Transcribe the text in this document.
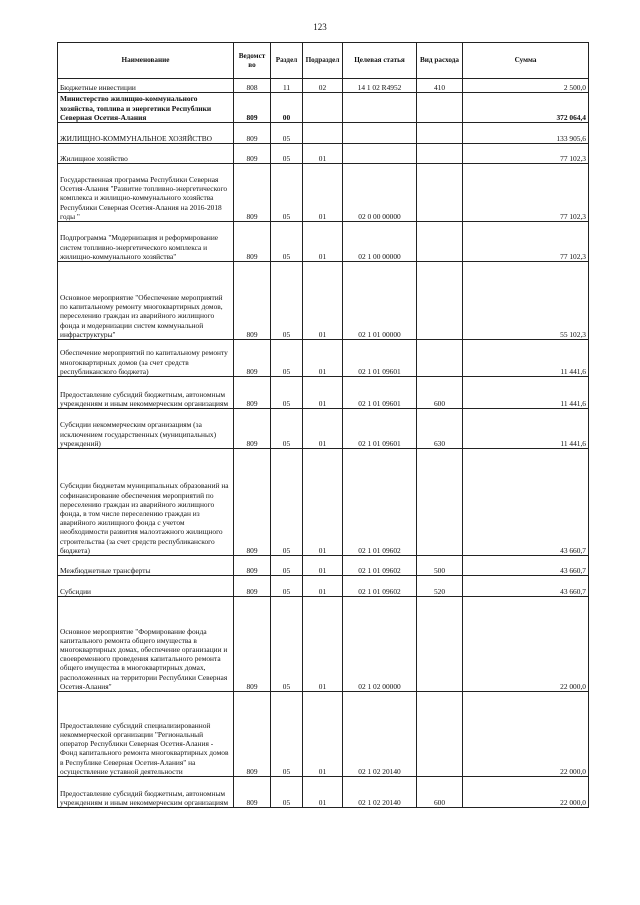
123
Наименование	Ведомст во	Раздел	Подраздел	Целевая статья	Вид расхода	Сумма
Бюджетные инвестиции	808	11	02	14 1 02 R4952	410	2 500,0
Министерство жилищно-коммунального хозяйства, топлива и энергетики Республики Северная Осетия-Алания	809	00				372 064,4
ЖИЛИЩНО-КОММУНАЛЬНОЕ ХОЗЯЙСТВО	809	05				133 905,6
Жилищное хозяйство	809	05	01			77 102,3
Государственная программа Республики Северная Осетия-Алания "Развитие топливно-энергетического комплекса и жилищно-коммунального хозяйства Республики Северная Осетия-Алания на 2016-2018 годы "	809	05	01	02 0 00 00000		77 102,3
Подпрограмма "Модернизация и реформирование систем топливно-энергетического комплекса и жилищно-коммунального хозяйства"	809	05	01	02 1 00 00000		77 102,3
Основное мероприятие "Обеспечение мероприятий по капитальному ремонту многоквартирных домов, переселению граждан из аварийного жилищного фонда и модернизации систем коммунальной инфраструктуры"	809	05	01	02 1 01 00000		55 102,3
Обеспечение мероприятий по капитальному ремонту многоквартирных домов (за счет средств республиканского бюджета)	809	05	01	02 1 01 09601		11 441,6
Предоставление субсидий бюджетным, автономным учреждениям и иным некоммерческим организациям	809	05	01	02 1 01 09601	600	11 441,6
Субсидии некоммерческим организациям (за исключением государственных (муниципальных) учреждений)	809	05	01	02 1 01 09601	630	11 441,6
Субсидии бюджетам муниципальных образований на софинансирование обеспечения мероприятий по переселению граждан из аварийного жилищного фонда, в том числе переселению граждан из аварийного жилищного фонда с учетом необходимости развития малоэтажного жилищного строительства (за счет средств республиканского бюджета)	809	05	01	02 1 01 09602		43 660,7
Межбюджетные трансферты	809	05	01	02 1 01 09602	500	43 660,7
Субсидии	809	05	01	02 1 01 09602	520	43 660,7
Основное мероприятие "Формирование фонда капитального ремонта общего имущества в многоквартирных домах, обеспечение организации и своевременного проведения капитального ремонта общего имущества в многоквартирных домах, расположенных на территории Республики Северная Осетия-Алания"	809	05	01	02 1 02 00000		22 000,0
Предоставление субсидий специализированной некоммерческой организации "Региональный оператор Республики Северная Осетия-Алания - Фонд капитального ремонта многоквартирных домов в Республике Северная Осетия-Алания" на осуществление уставной деятельности	809	05	01	02 1 02 20140		22 000,0
Предоставление субсидий бюджетным, автономным учреждениям и иным некоммерческим организациям	809	05	01	02 1 02 20140	600	22 000,0
